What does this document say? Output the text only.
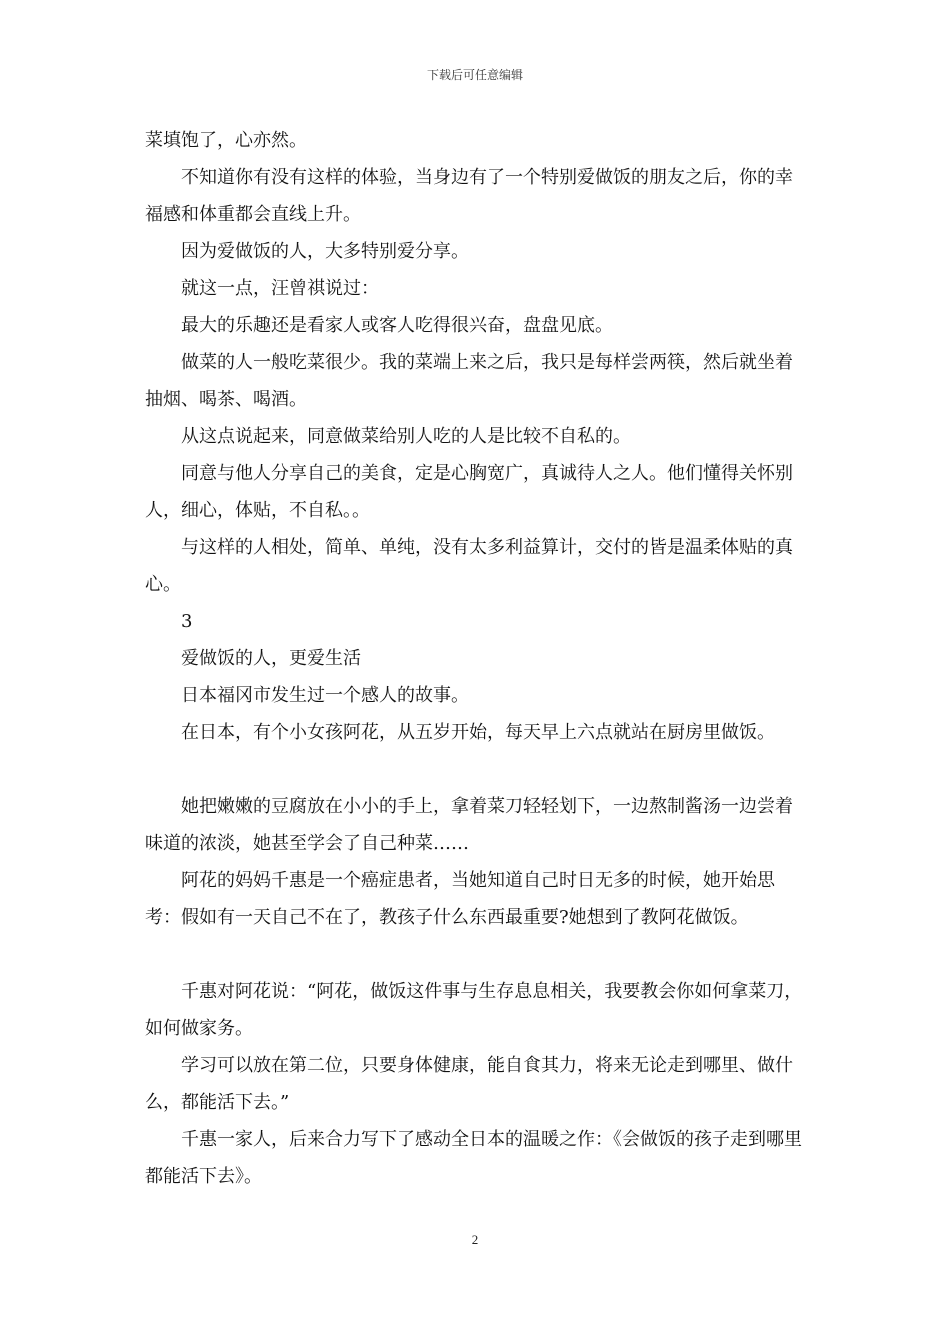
下载后可任意编辑

菜填饱了，心亦然。

不知道你有没有这样的体验，当身边有了一个特别爱做饭的朋友之后，你的幸福感和体重都会直线上升。

因为爱做饭的人，大多特别爱分享。

就这一点，汪曾祺说过：

最大的乐趣还是看家人或客人吃得很兴奋，盘盘见底。

做菜的人一般吃菜很少。我的菜端上来之后，我只是每样尝两筷，然后就坐着抽烟、喝茶、喝酒。

从这点说起来，同意做菜给别人吃的人是比较不自私的。

同意与他人分享自己的美食，定是心胸宽广，真诚待人之人。他们懂得关怀别人，细心，体贴，不自私。。

与这样的人相处，简单、单纯，没有太多利益算计，交付的皆是温柔体贴的真心。

3

爱做饭的人，更爱生活

日本福冈市发生过一个感人的故事。

在日本，有个小女孩阿花，从五岁开始，每天早上六点就站在厨房里做饭。

她把嫩嫩的豆腐放在小小的手上，拿着菜刀轻轻划下，一边熬制酱汤一边尝着味道的浓淡，她甚至学会了自己种菜……

阿花的妈妈千惠是一个癌症患者，当她知道自己时日无多的时候，她开始思考：假如有一天自己不在了，教孩子什么东西最重要?她想到了教阿花做饭。

千惠对阿花说：“阿花，做饭这件事与生存息息相关，我要教会你如何拿菜刀，如何做家务。

学习可以放在第二位，只要身体健康，能自食其力，将来无论走到哪里、做什么，都能活下去。”

千惠一家人，后来合力写下了感动全日本的温暖之作：《会做饭的孩子走到哪里都能活下去》。

2
